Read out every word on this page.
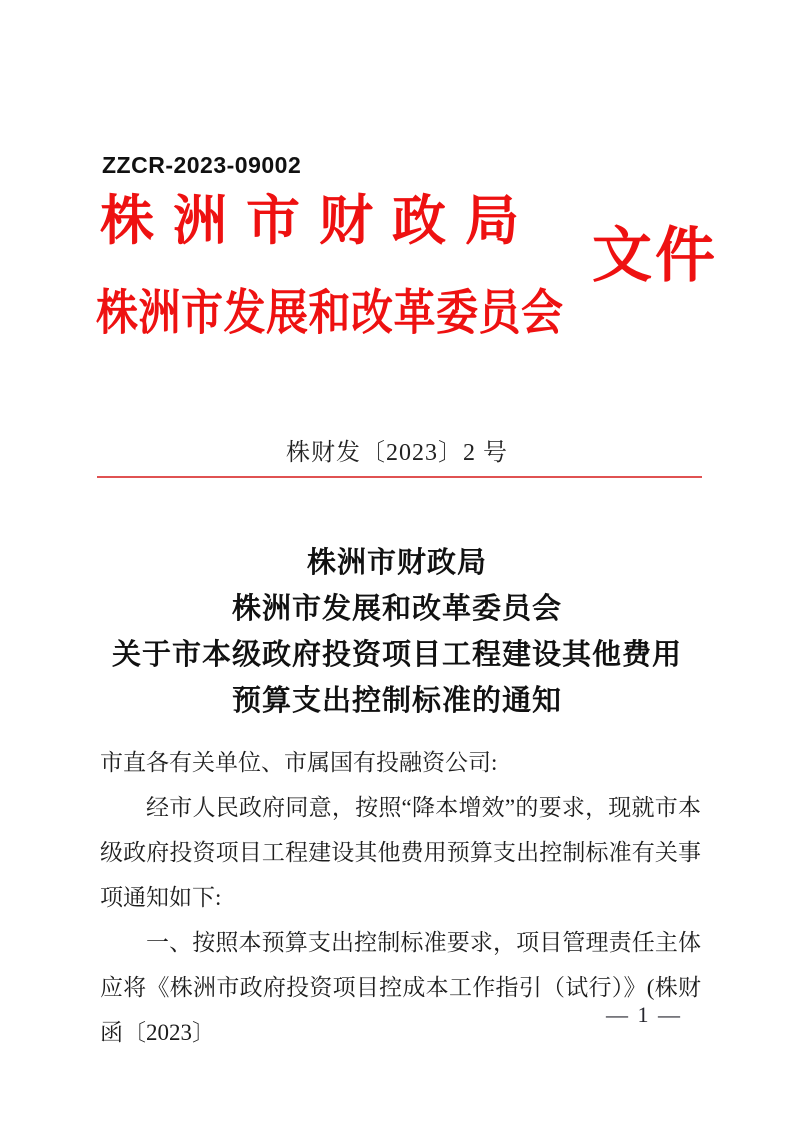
ZZCR-2023-09002
株洲市财政局
株洲市发展和改革委员会
文件
株财发〔2023〕2 号
株洲市财政局
株洲市发展和改革委员会
关于市本级政府投资项目工程建设其他费用
预算支出控制标准的通知

市直各有关单位、市属国有投融资公司:

经市人民政府同意，按照“降本增效”的要求，现就市本级政府投资项目工程建设其他费用预算支出控制标准有关事项通知如下:

一、按照本预算支出控制标准要求，项目管理责任主体应将《株洲市政府投资项目控成本工作指引（试行）》(株财函〔2023〕

— 1 —
